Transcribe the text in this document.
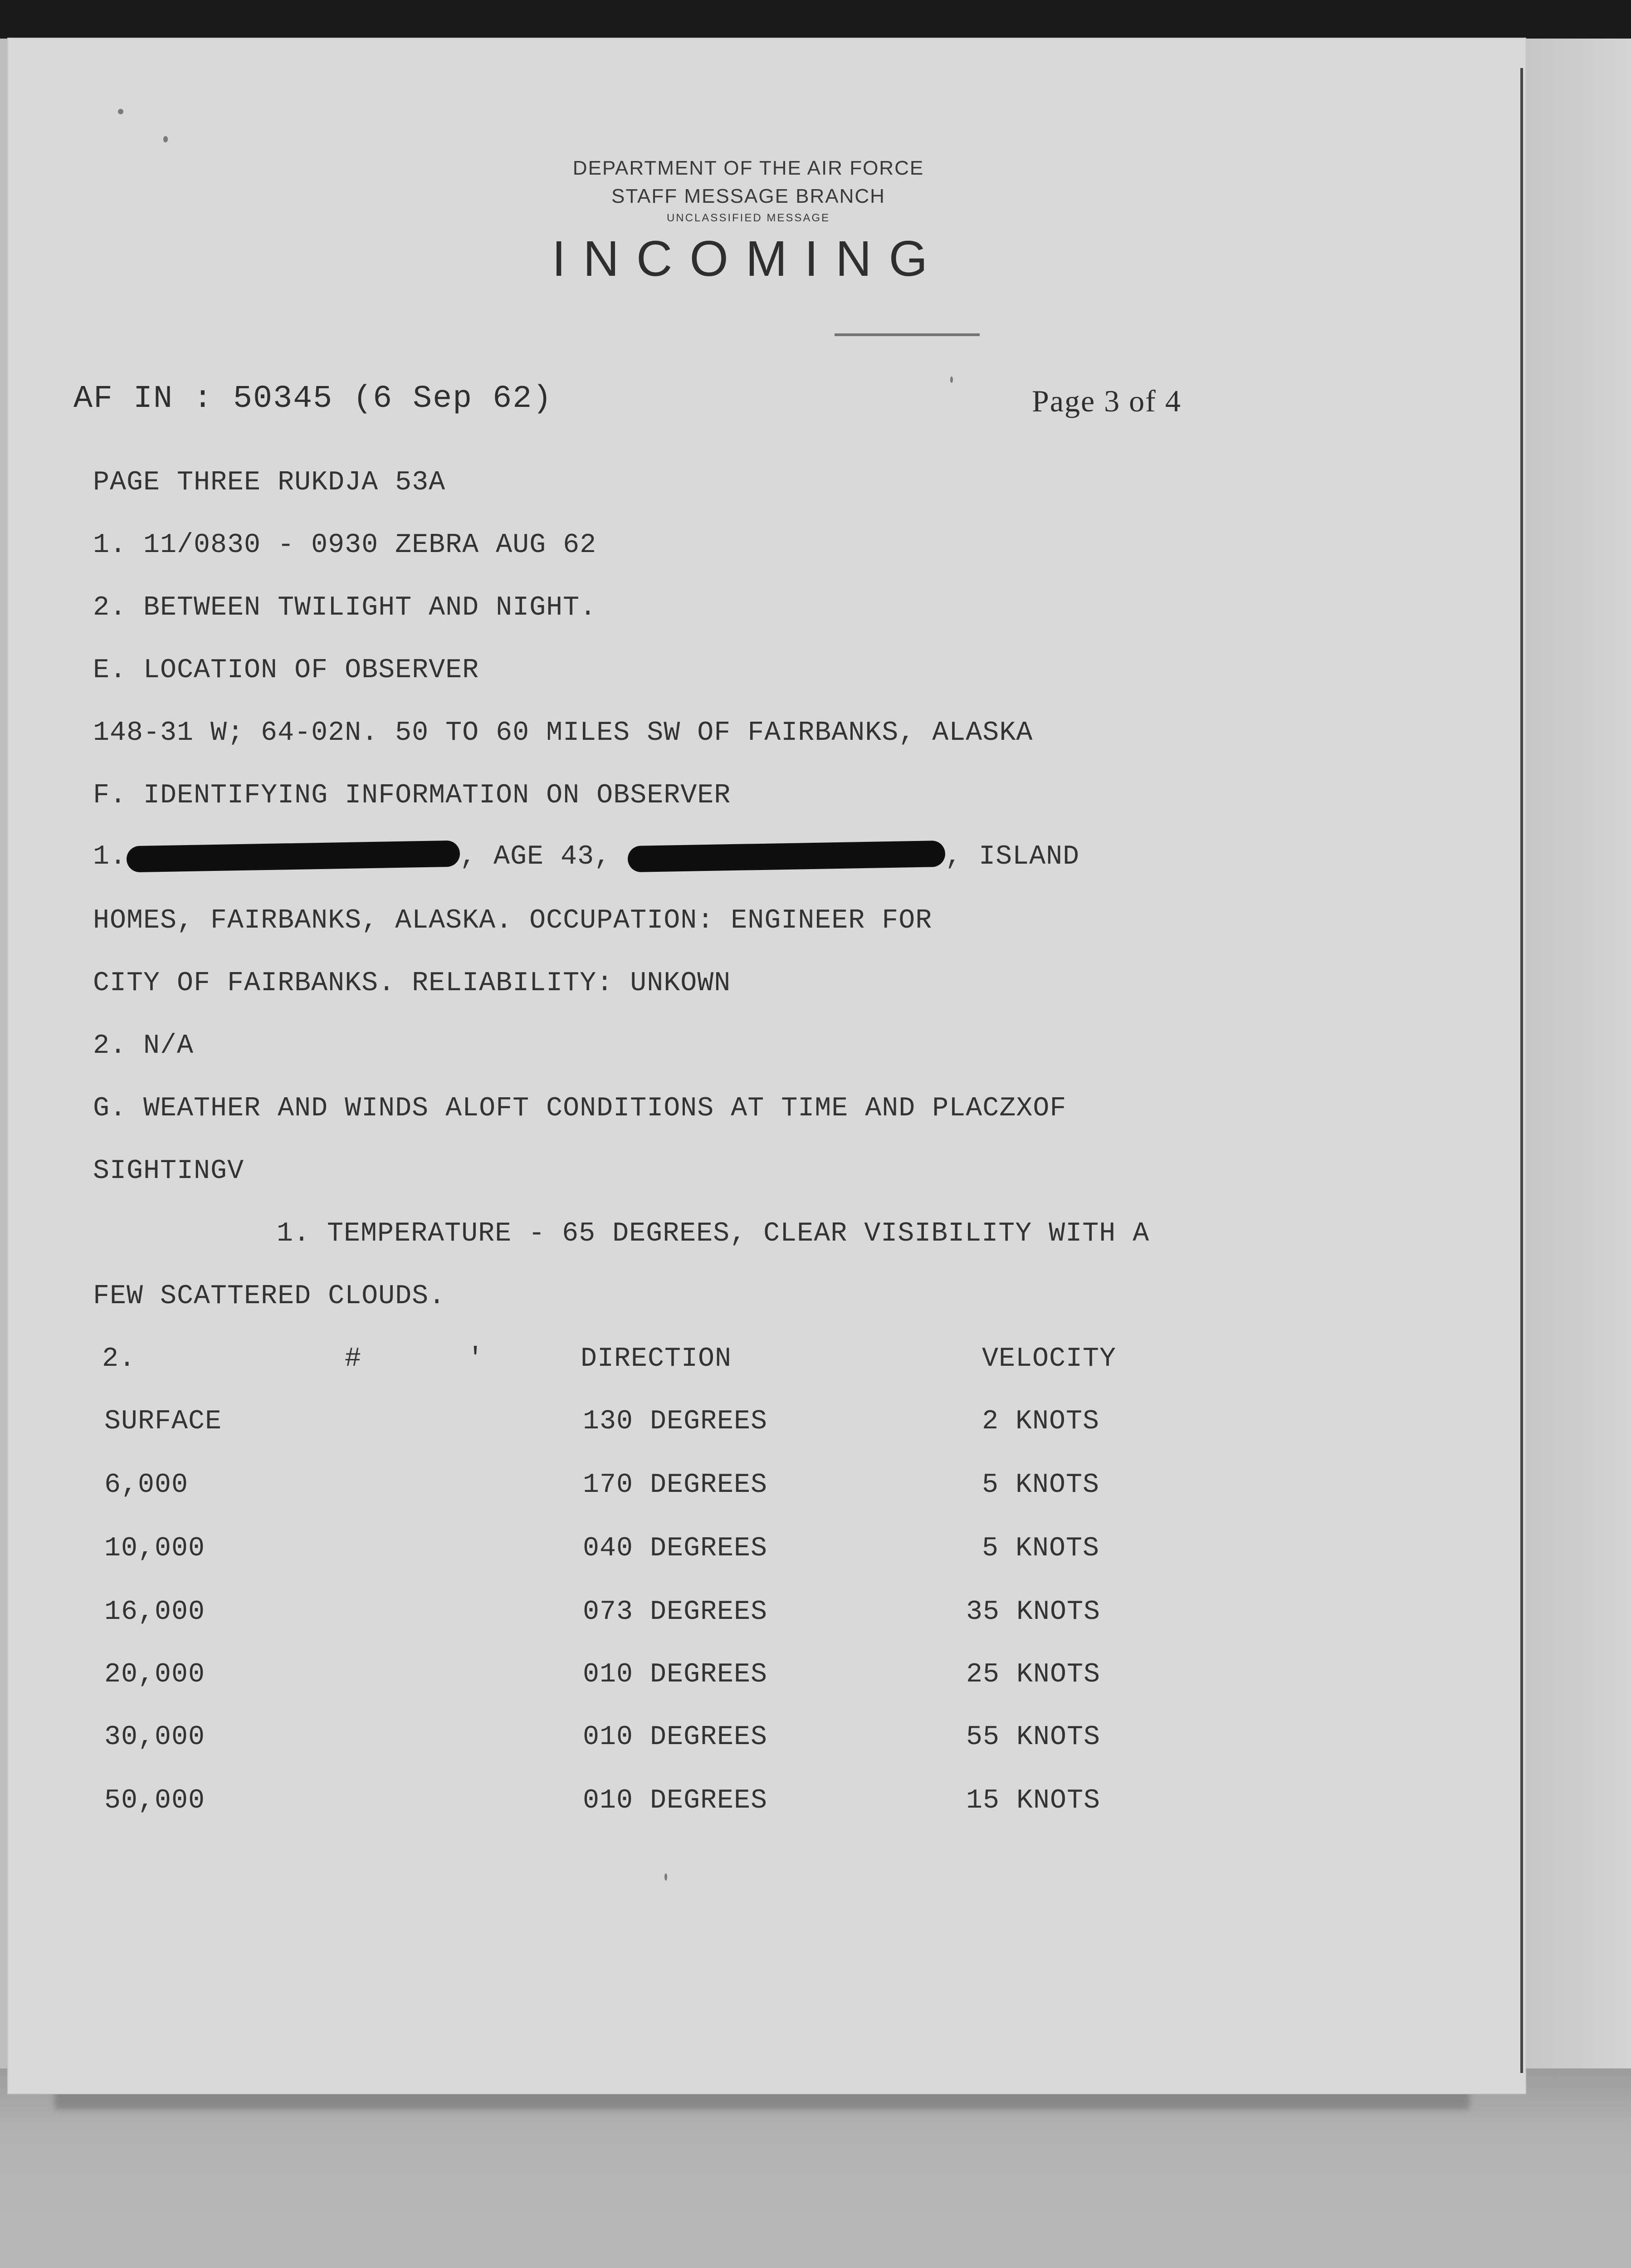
DEPARTMENT OF THE AIR FORCE
STAFF MESSAGE BRANCH
UNCLASSIFIED MESSAGE
INCOMING
AF IN : 50345 (6 Sep 62)	Page 3 of 4
PAGE THREE RUKDJA 53A
1. 11/0830 - 0930 ZEBRA AUG 62
2. BETWEEN TWILIGHT AND NIGHT.
E. LOCATION OF OBSERVER
148-31 W; 64-02N. 50 TO 60 MILES SW OF FAIRBANKS, ALASKA
F. IDENTIFYING INFORMATION ON OBSERVER
1.	, AGE 43,	, ISLAND
HOMES, FAIRBANKS, ALASKA. OCCUPATION: ENGINEER FOR
CITY OF FAIRBANKS. RELIABILITY: UNKOWN
2. N/A
G. WEATHER AND WINDS ALOFT CONDITIONS AT TIME AND PLACZXOF
SIGHTINGV
1. TEMPERATURE - 65 DEGREES, CLEAR VISIBILITY WITH A
FEW SCATTERED CLOUDS.
2.	#	'	DIRECTION	VELOCITY
SURFACE	130 DEGREES	2 KNOTS
6,000	170 DEGREES	5 KNOTS
10,000	040 DEGREES	5 KNOTS
16,000	073 DEGREES	35 KNOTS
20,000	010 DEGREES	25 KNOTS
30,000	010 DEGREES	55 KNOTS
50,000	010 DEGREES	15 KNOTS
